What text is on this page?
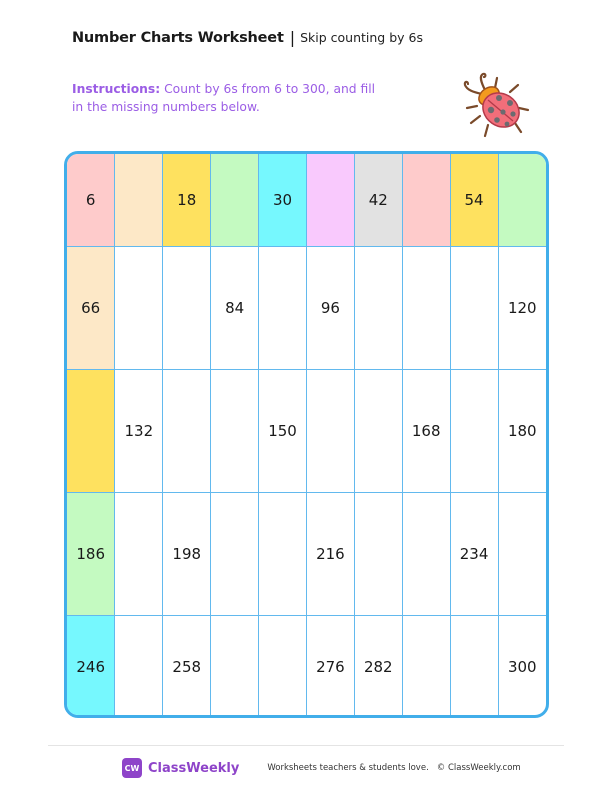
Number Charts Worksheet | Skip counting by 6s
Instructions: Count by 6s from 6 to 300, and fill in the missing numbers below.
6		18		30		42		54	
66			84		96				120
	132			150			168		180
186		198			216			234	
246		258			276	282			300
CW ClassWeekly	Worksheets teachers & students love. © ClassWeekly.com
